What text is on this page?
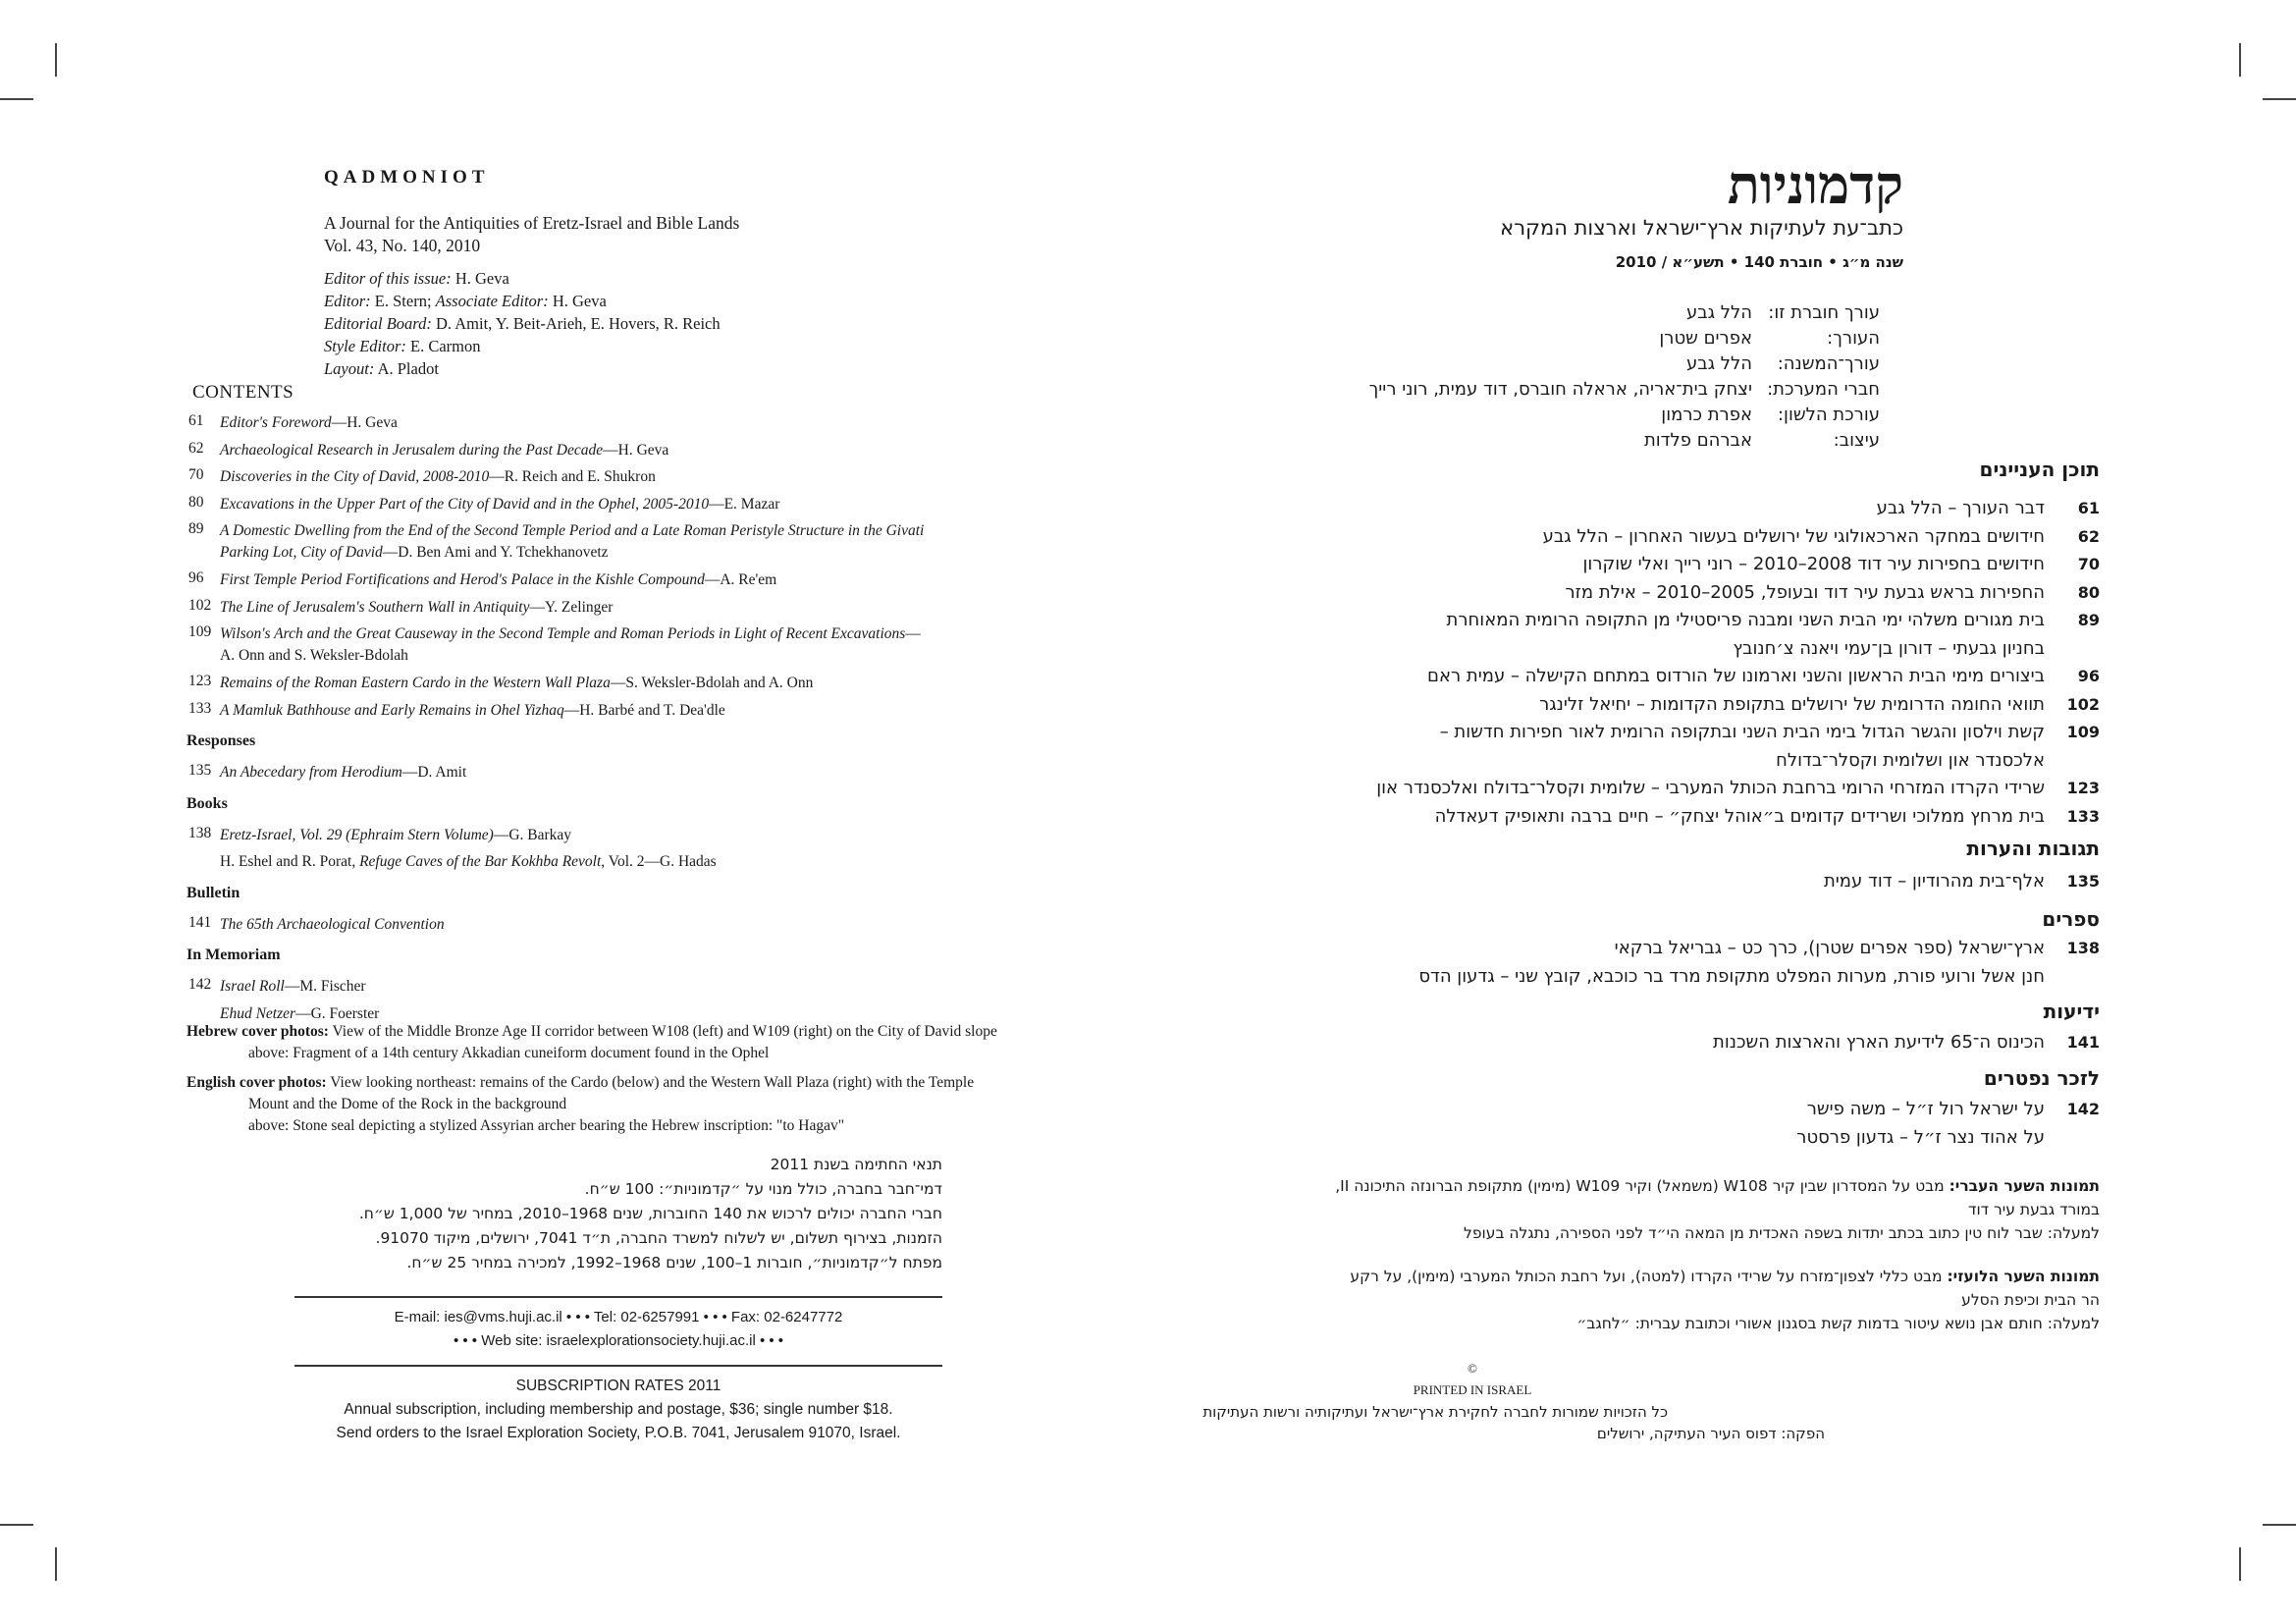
QADMONIOT
A Journal for the Antiquities of Eretz-Israel and Bible Lands
Vol. 43, No. 140, 2010
Editor of this issue: H. Geva
Editor: E. Stern; Associate Editor: H. Geva
Editorial Board: D. Amit, Y. Beit-Arieh, E. Hovers, R. Reich
Style Editor: E. Carmon
Layout: A. Pladot
CONTENTS
61	Editor's Foreword—H. Geva
62	Archaeological Research in Jerusalem during the Past Decade—H. Geva
70	Discoveries in the City of David, 2008-2010—R. Reich and E. Shukron
80	Excavations in the Upper Part of the City of David and in the Ophel, 2005-2010—E. Mazar
89	A Domestic Dwelling from the End of the Second Temple Period and a Late Roman Peristyle Structure in the Givati
Parking Lot, City of David—D. Ben Ami and Y. Tchekhanovetz
96	First Temple Period Fortifications and Herod's Palace in the Kishle Compound—A. Re'em
102 The Line of Jerusalem's Southern Wall in Antiquity—Y. Zelinger
109 Wilson's Arch and the Great Causeway in the Second Temple and Roman Periods in Light of Recent Excavations—
A. Onn and S. Weksler-Bdolah
123 Remains of the Roman Eastern Cardo in the Western Wall Plaza—S. Weksler-Bdolah and A. Onn
133 A Mamluk Bathhouse and Early Remains in Ohel Yizhaq—H. Barbé and T. Dea'dle
Responses
135 An Abecedary from Herodium—D. Amit
Books
138 Eretz-Israel, Vol. 29 (Ephraim Stern Volume)—G. Barkay
H. Eshel and R. Porat, Refuge Caves of the Bar Kokhba Revolt, Vol. 2—G. Hadas
Bulletin
141 The 65th Archaeological Convention
In Memoriam
142 Israel Roll—M. Fischer
Ehud Netzer—G. Foerster
Hebrew cover photos: View of the Middle Bronze Age II corridor between W108 (left) and W109 (right) on the City of David slope
above: Fragment of a 14th century Akkadian cuneiform document found in the Ophel
English cover photos: View looking northeast: remains of the Cardo (below) and the Western Wall Plaza (right) with the Temple
Mount and the Dome of the Rock in the background
above: Stone seal depicting a stylized Assyrian archer bearing the Hebrew inscription: "to Hagav"
תנאי החתימה בשנת 2011
דמי־חבר בחברה, כולל מנוי על ״קדמוניות״: 100 ש״ח.
חברי החברה יכולים לרכוש את 140 החוברות, שנים 1968–2010, במחיר של 1,000 ש״ח.
הזמנות, בצירוף תשלום, יש לשלוח למשרד החברה, ת״ד 7041, ירושלים, מיקוד 91070.
מפתח ל״קדמוניות״, חוברות 1–100, שנים 1968–1992, למכירה במחיר 25 ש״ח.
E-mail: ies@vms.huji.ac.il • • • Tel: 02-6257991 • • • Fax: 02-6247772
• • • Web site: israelexplorationsociety.huji.ac.il • • •
SUBSCRIPTION RATES 2011
Annual subscription, including membership and postage, $36; single number $18.
Send orders to the Israel Exploration Society, P.O.B. 7041, Jerusalem 91070, Israel.
קדמוניות
כתב־עת לעתיקות ארץ־ישראל וארצות המקרא
שנה מ״ג • חוברת 140 • תשע״א / 2010
עורך חוברת זו:
הלל גבע
העורך:
אפרים שטרן
עורך־המשנה:
הלל גבע
חברי המערכת:
יצחק בית־אריה, אראלה חוברס, דוד עמית, רוני רייך
עורכת הלשון:
אפרת כרמון
עיצוב:
אברהם פלדות
תוכן העניינים
61
דבר העורך – הלל גבע
62
חידושים במחקר הארכאולוגי של ירושלים בעשור האחרון – הלל גבע
70
חידושים בחפירות עיר דוד 2008–2010 – רוני רייך ואלי שוקרון
80
החפירות בראש גבעת עיר דוד ובעופל, 2005–2010 – אילת מזר
89
בית מגורים משלהי ימי הבית השני ומבנה פריסטילי מן התקופה הרומית המאוחרת
בחניון גבעתי – דורון בן־עמי ויאנה צ׳חנובץ
96
ביצורים מימי הבית הראשון והשני וארמונו של הורדוס במתחם הקישלה – עמית ראם
102
תוואי החומה הדרומית של ירושלים בתקופת הקדומות – יחיאל זלינגר
109
קשת וילסון והגשר הגדול בימי הבית השני ובתקופה הרומית לאור חפירות חדשות –
אלכסנדר און ושלומית וקסלר־בדולח
123
שרידי הקרדו המזרחי הרומי ברחבת הכותל המערבי – שלומית וקסלר־בדולח ואלכסנדר און
133
בית מרחץ ממלוכי ושרידים קדומים ב״אוהל יצחק״ – חיים ברבה ותאופיק דעאדלה
תגובות והערות
135
אלף־בית מהרודיון – דוד עמית
ספרים
138
ארץ־ישראל (ספר אפרים שטרן), כרך כט – גבריאל ברקאי
חנן אשל ורועי פורת, מערות המפלט מתקופת מרד בר כוכבא, קובץ שני – גדעון הדס
ידיעות
141
הכינוס ה־65 לידיעת הארץ והארצות השכנות
לזכר נפטרים
142
על ישראל רול ז״ל – משה פישר
על אהוד נצר ז״ל – גדעון פרסטר
תמונות השער העברי: מבט על המסדרון שבין קיר W108 (משמאל) וקיר W109 (מימין) מתקופת הברונזה התיכונה II,
במורד גבעת עיר דוד
למעלה: שבר לוח טין כתוב בכתב יתדות בשפה האכדית מן המאה הי״ד לפני הספירה, נתגלה בעופל
תמונות השער הלועזי: מבט כללי לצפון־מזרח על שרידי הקרדו (למטה), ועל רחבת הכותל המערבי (מימין), על רקע
הר הבית וכיפת הסלע
למעלה: חותם אבן נושא עיטור בדמות קשת בסגנון אשורי וכתובת עברית: ״לחגב״
©
PRINTED IN ISRAEL
כל הזכויות שמורות לחברה לחקירת ארץ־ישראל ועתיקותיה ורשות העתיקות
הפקה: דפוס העיר העתיקה, ירושלים
